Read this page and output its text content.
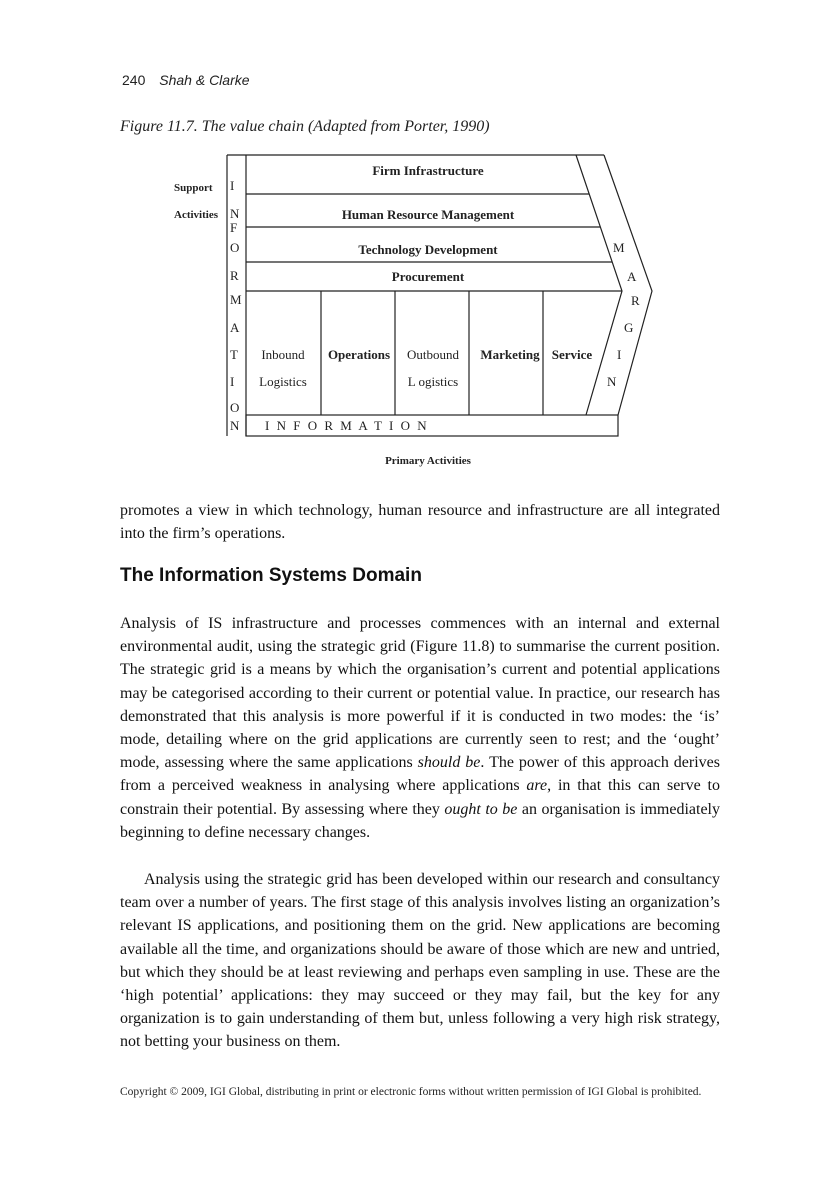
240 Shah & Clarke
Figure 11.7. The value chain (Adapted from Porter, 1990)
Support
Activities
I
N
F
O
R
M
A
T
I
O
N
Firm Infrastructure
Human Resource Management
Technology Development
Procurement
Inbound
Logistics
Operations Outbound
L ogistics
Marketing Service
M
A
R
G
I
N
I N F O R M A T I O N
Primary Activities

promotes a view in which technology, human resource and infrastructure are all integrated into the firm’s operations.

The Information Systems Domain

Analysis of IS infrastructure and processes commences with an internal and external environmental audit, using the strategic grid (Figure 11.8) to summarise the current position. The strategic grid is a means by which the organisation’s current and potential applications may be categorised according to their current or potential value. In practice, our research has demonstrated that this analysis is more powerful if it is conducted in two modes: the ‘is’ mode, detailing where on the grid applications are currently seen to rest; and the ‘ought’ mode, assessing where the same applications should be. The power of this approach derives from a perceived weakness in analysing where applications are, in that this can serve to constrain their potential. By assessing where they ought to be an organisation is immediately beginning to define necessary changes.

Analysis using the strategic grid has been developed within our research and consultancy team over a number of years. The first stage of this analysis involves listing an organization’s relevant IS applications, and positioning them on the grid. New applications are becoming available all the time, and organizations should be aware of those which are new and untried, but which they should be at least reviewing and perhaps even sampling in use. These are the ‘high potential’ applications: they may succeed or they may fail, but the key for any organization is to gain understanding of them but, unless following a very high risk strategy, not betting your business on them.

Copyright © 2009, IGI Global, distributing in print or electronic forms without written permission of IGI Global is prohibited.
